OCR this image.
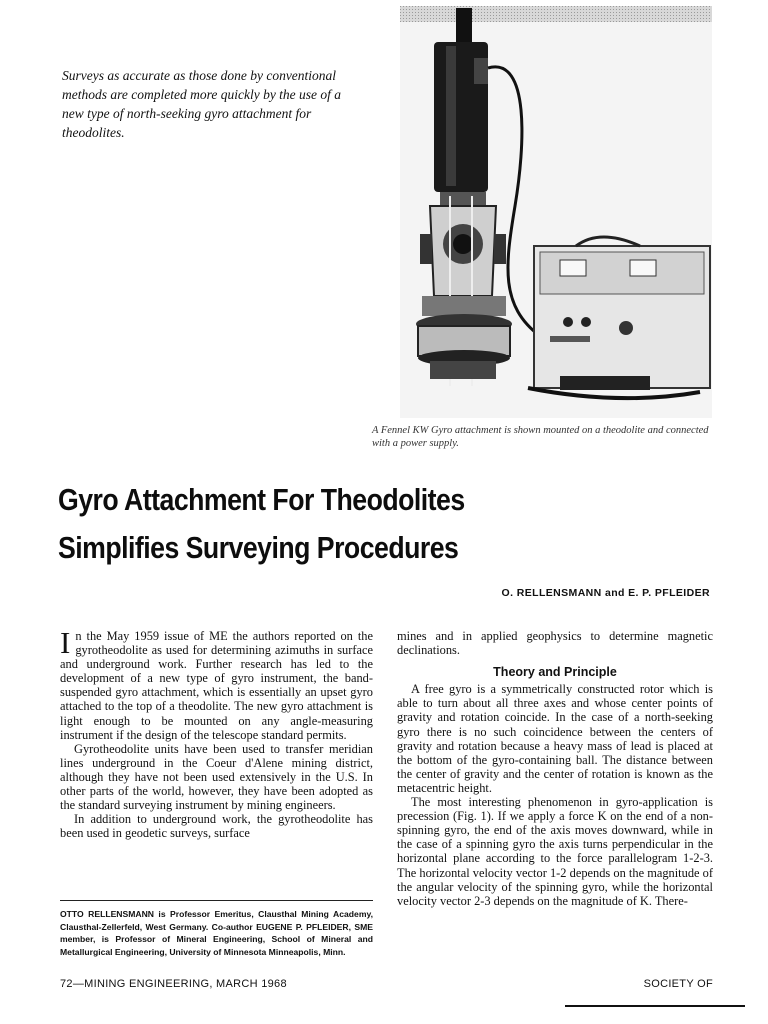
Surveys as accurate as those done by conventional methods are completed more quickly by the use of a new type of north-seeking gyro attachment for theodolites.
A Fennel KW Gyro attachment is shown mounted on a theodolite and connected with a power supply.
Gyro Attachment For Theodolites
Simplifies Surveying Procedures
O. RELLENSMANN and E. P. PFLEIDER

In the May 1959 issue of ME the authors reported on the gyrotheodolite as used for determining azimuths in surface and underground work. Further research has led to the development of a new type of gyro instrument, the band-suspended gyro attachment, which is essentially an upset gyro attached to the top of a theodolite. The new gyro attachment is light enough to be mounted on any angle-measuring instrument if the design of the telescope standard permits.

Gyrotheodolite units have been used to transfer meridian lines underground in the Coeur d'Alene mining district, although they have not been used extensively in the U.S. In other parts of the world, however, they have been adopted as the standard surveying instrument by mining engineers.

In addition to underground work, the gyrotheodolite has been used in geodetic surveys, surface

OTTO RELLENSMANN is Professor Emeritus, Clausthal Mining Academy, Clausthal-Zellerfeld, West Germany. Co-author EUGENE P. PFLEIDER, SME member, is Professor of Mineral Engineering, School of Mineral and Metallurgical Engineering, University of Minnesota Minneapolis, Minn.

mines and in applied geophysics to determine magnetic declinations.

Theory and Principle

A free gyro is a symmetrically constructed rotor which is able to turn about all three axes and whose center points of gravity and rotation coincide. In the case of a north-seeking gyro there is no such coincidence between the centers of gravity and rotation because a heavy mass of lead is placed at the bottom of the gyro-containing ball. The distance between the center of gravity and the center of rotation is known as the metacentric height.

The most interesting phenomenon in gyro-application is precession (Fig. 1). If we apply a force K on the end of a non-spinning gyro, the end of the axis moves downward, while in the case of a spinning gyro the axis turns perpendicular in the horizontal plane according to the force parallelogram 1-2-3. The horizontal velocity vector 1-2 depends on the magnitude of the angular velocity of the spinning gyro, while the horizontal velocity vector 2-3 depends on the magnitude of K. There-

72—MINING ENGINEERING, MARCH 1968	SOCIETY OF
